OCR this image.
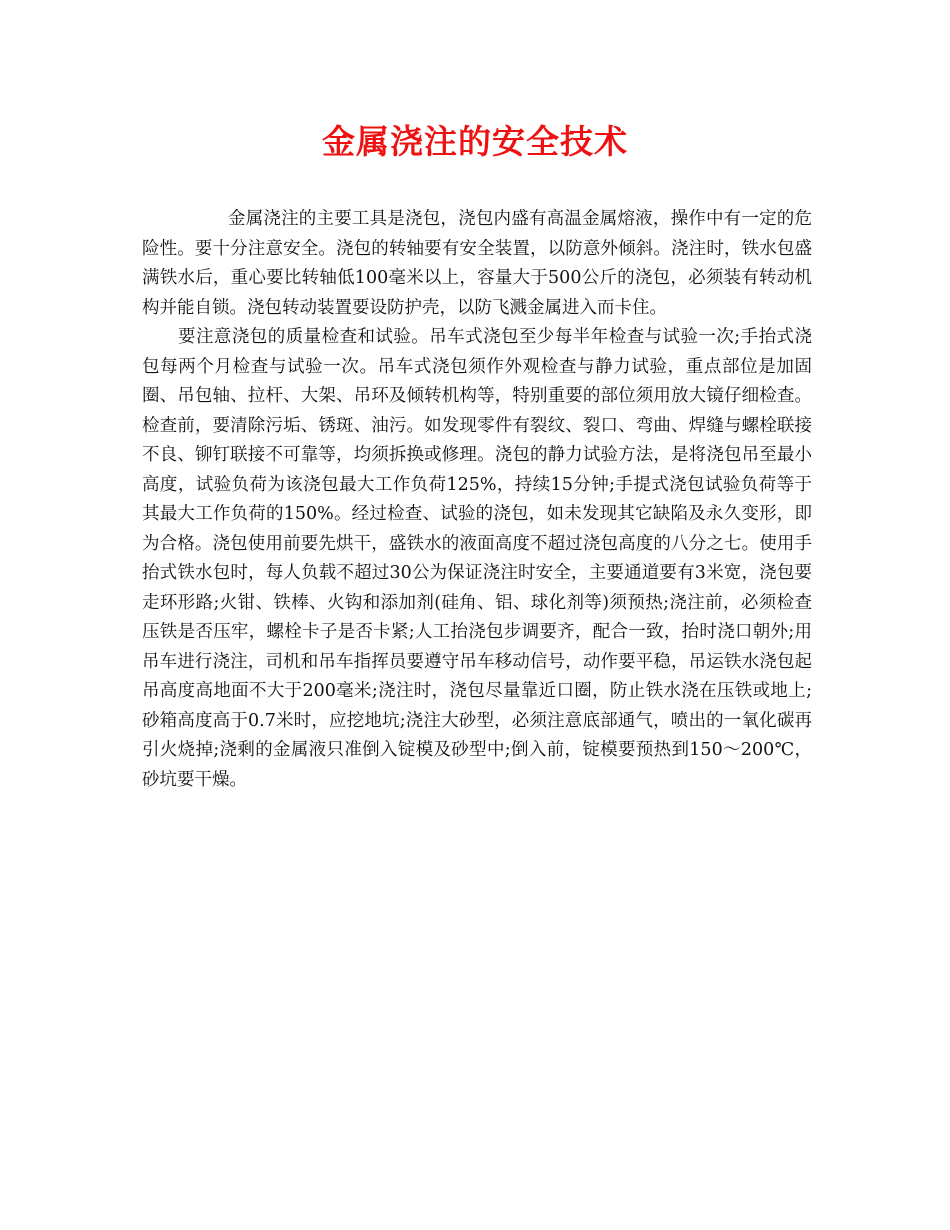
金属浇注的安全技术

金属浇注的主要工具是浇包，浇包内盛有高温金属熔液，操作中有一定的危险性。要十分注意安全。浇包的转轴要有安全装置，以防意外倾斜。浇注时，铁水包盛满铁水后，重心要比转轴低100毫米以上，容量大于500公斤的浇包，必须装有转动机构并能自锁。浇包转动装置要设防护壳，以防飞溅金属进入而卡住。

要注意浇包的质量检查和试验。吊车式浇包至少每半年检查与试验一次;手抬式浇包每两个月检查与试验一次。吊车式浇包须作外观检查与静力试验，重点部位是加固圈、吊包轴、拉杆、大架、吊环及倾转机构等，特别重要的部位须用放大镜仔细检查。检查前，要清除污垢、锈斑、油污。如发现零件有裂纹、裂口、弯曲、焊缝与螺栓联接不良、铆钉联接不可靠等，均须拆换或修理。浇包的静力试验方法，是将浇包吊至最小高度，试验负荷为该浇包最大工作负荷125%，持续15分钟;手提式浇包试验负荷等于其最大工作负荷的150%。经过检查、试验的浇包，如未发现其它缺陷及永久变形，即为合格。浇包使用前要先烘干，盛铁水的液面高度不超过浇包高度的八分之七。使用手抬式铁水包时，每人负载不超过30公为保证浇注时安全，主要通道要有3米宽，浇包要走环形路;火钳、铁棒、火钩和添加剂(硅角、铝、球化剂等)须预热;浇注前，必须检查压铁是否压牢，螺栓卡子是否卡紧;人工抬浇包步调要齐，配合一致，抬时浇口朝外;用吊车进行浇注，司机和吊车指挥员要遵守吊车移动信号，动作要平稳，吊运铁水浇包起吊高度高地面不大于200毫米;浇注时，浇包尽量靠近口圈，防止铁水浇在压铁或地上;砂箱高度高于0.7米时，应挖地坑;浇注大砂型，必须注意底部通气，喷出的一氧化碳再引火烧掉;浇剩的金属液只准倒入锭模及砂型中;倒入前，锭模要预热到150～200℃，砂坑要干燥。
